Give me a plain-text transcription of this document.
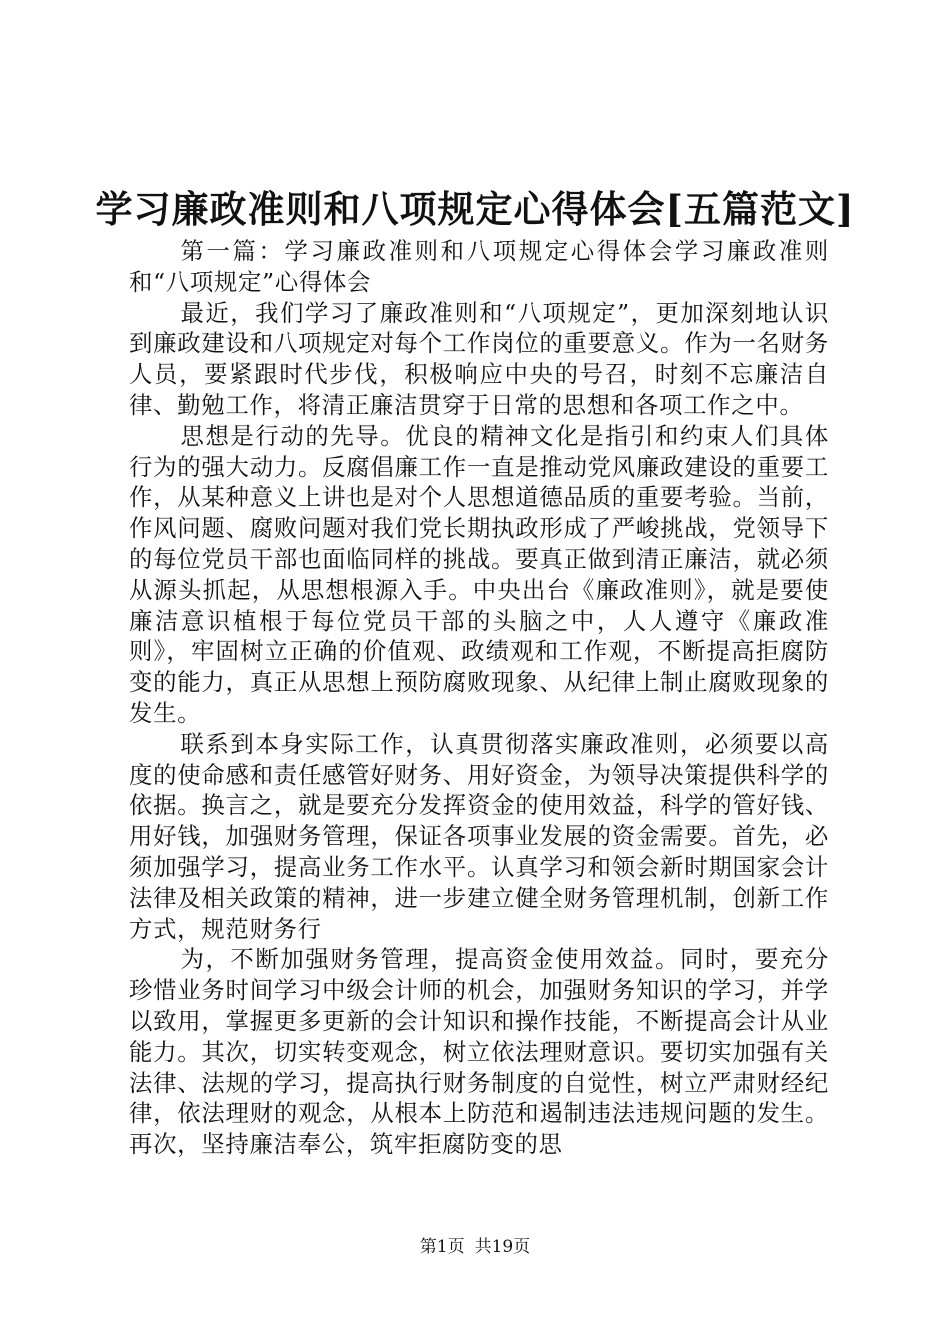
学习廉政准则和八项规定心得体会[五篇范文]

第一篇：学习廉政准则和八项规定心得体会学习廉政准则和“八项规定”心得体会

最近，我们学习了廉政准则和“八项规定”，更加深刻地认识到廉政建设和八项规定对每个工作岗位的重要意义。作为一名财务人员，要紧跟时代步伐，积极响应中央的号召，时刻不忘廉洁自律、勤勉工作，将清正廉洁贯穿于日常的思想和各项工作之中。

思想是行动的先导。优良的精神文化是指引和约束人们具体行为的强大动力。反腐倡廉工作一直是推动党风廉政建设的重要工作，从某种意义上讲也是对个人思想道德品质的重要考验。当前，作风问题、腐败问题对我们党长期执政形成了严峻挑战，党领导下的每位党员干部也面临同样的挑战。要真正做到清正廉洁，就必须从源头抓起，从思想根源入手。中央出台《廉政准则》，就是要使廉洁意识植根于每位党员干部的头脑之中，人人遵守《廉政准则》，牢固树立正确的价值观、政绩观和工作观，不断提高拒腐防变的能力，真正从思想上预防腐败现象、从纪律上制止腐败现象的发生。

联系到本身实际工作，认真贯彻落实廉政准则，必须要以高度的使命感和责任感管好财务、用好资金，为领导决策提供科学的依据。换言之，就是要充分发挥资金的使用效益，科学的管好钱、用好钱，加强财务管理，保证各项事业发展的资金需要。首先，必须加强学习，提高业务工作水平。认真学习和领会新时期国家会计法律及相关政策的精神，进一步建立健全财务管理机制，创新工作方式，规范财务行

为，不断加强财务管理，提高资金使用效益。同时，要充分珍惜业务时间学习中级会计师的机会，加强财务知识的学习，并学以致用，掌握更多更新的会计知识和操作技能，不断提高会计从业能力。其次，切实转变观念，树立依法理财意识。要切实加强有关法律、法规的学习，提高执行财务制度的自觉性，树立严肃财经纪律，依法理财的观念，从根本上防范和遏制违法违规问题的发生。再次，坚持廉洁奉公，筑牢拒腐防变的思

第1页 共19页
